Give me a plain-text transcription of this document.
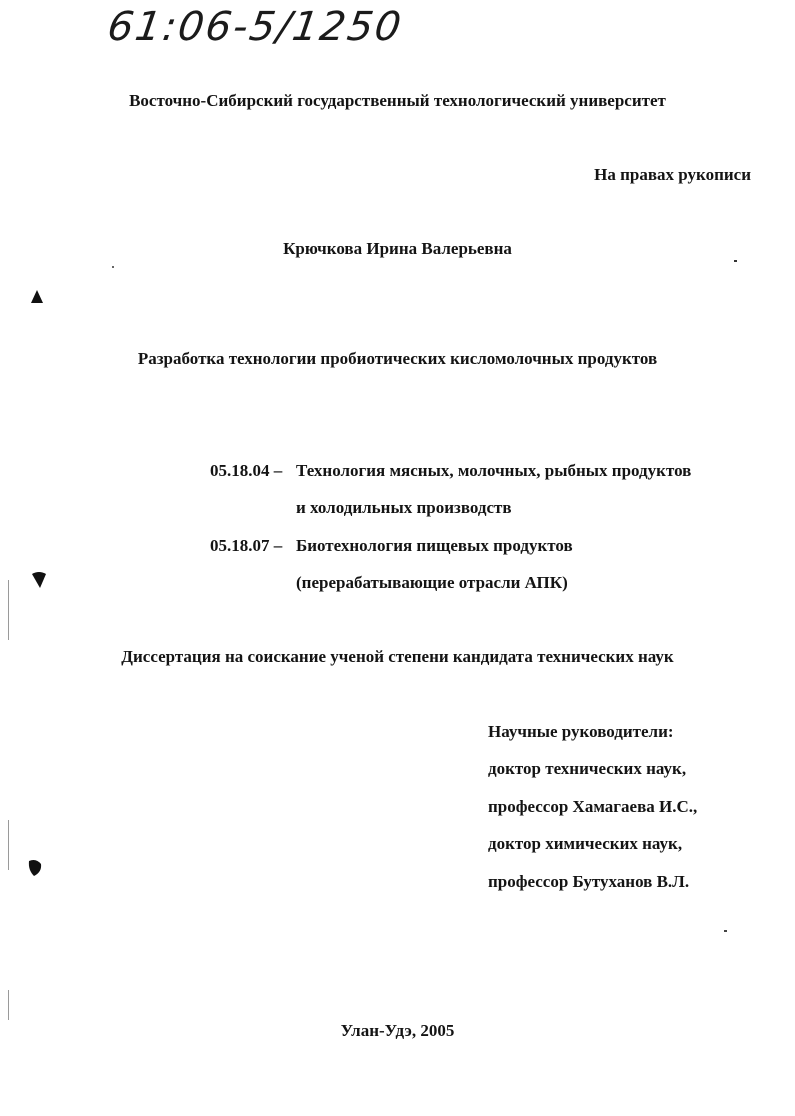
61:06-5/1250
Восточно-Сибирский государственный технологический университет
На правах рукописи
Крючкова Ирина Валерьевна
Разработка технологии пробиотических кисломолочных продуктов
05.18.04 – Технология мясных, молочных, рыбных продуктов
и холодильных производств
05.18.07 – Биотехнология пищевых продуктов
(перерабатывающие отрасли АПК)
Диссертация на соискание ученой степени кандидата технических наук
Научные руководители:
доктор технических наук,
профессор Хамагаева И.С.,
доктор химических наук,
профессор Бутуханов В.Л.
Улан-Удэ, 2005
